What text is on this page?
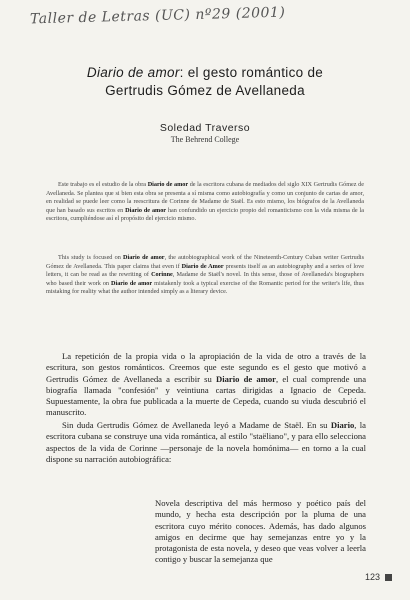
Taller de Letras (UC) nº29 (2001)
Diario de amor: el gesto romántico de
Gertrudis Gómez de Avellaneda
Soledad Traverso
The Behrend College
Este trabajo es el estudio de la obra Diario de amor de la escritora cubana de mediados del siglo XIX Gertrudis Gómez de Avellaneda. Se plantea que si bien esta obra se presenta a sí misma como autobiografía y como un conjunto de cartas de amor, en realidad se puede leer como la reescritura de Corinne de Madame de Staël. Es esto mismo, los biógrafos de la Avellaneda que han basado sus escritos en Diario de amor han confundido un ejercicio propio del romanticismo con la vida misma de la escritora, cumpliéndose así el propósito del ejercicio mismo.
This study is focused on Diario de amor, the autobiographical work of the Nineteenth-Century Cuban writer Gertrudis Gómez de Avellaneda. This paper claims that even if Diario de Amor presents itself as an autobiography and a series of love letters, it can be read as the rewriting of Corinne, Madame de Staël's novel. In this sense, those of Avellaneda's biographers who based their work on Diario de amor mistakenly took a typical exercise of the Romantic period for the writer's life, thus mistaking for reality what the author intended simply as a literary device.
La repetición de la propia vida o la apropiación de la vida de otro a través de la escritura, son gestos románticos. Creemos que este segundo es el gesto que motivó a Gertrudis Gómez de Avellaneda a escribir su Diario de amor, el cual comprende una biografía llamada "confesión" y veintiuna cartas dirigidas a Ignacio de Cepeda. Supuestamente, la obra fue publicada a la muerte de Cepeda, cuando su viuda descubrió el manuscrito.
Sin duda Gertrudis Gómez de Avellaneda leyó a Madame de Staël. En su Diario, la escritora cubana se construye una vida romántica, al estilo "staëliano", y para ello selecciona aspectos de la vida de Corinne —personaje de la novela homónima— en torno a la cual dispone su narración autobiográfica:
Novela descriptiva del más hermoso y poético país del mundo, y hecha esta descripción por la pluma de una escritora cuyo mérito conoces. Además, has dado algunos amigos en decirme que hay semejanzas entre yo y la protagonista de esta novela, y deseo que veas volver a leerla contigo y buscar la semejanza que
123
